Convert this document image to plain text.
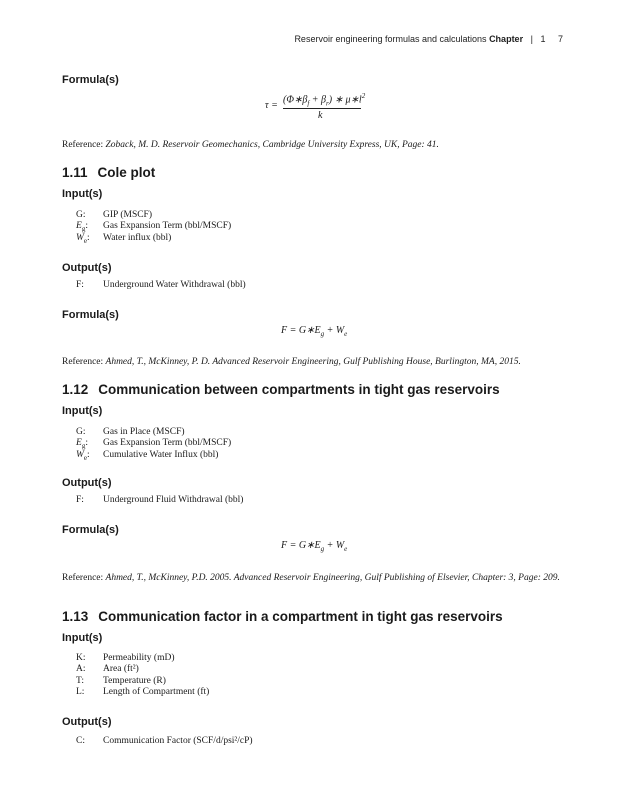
Reservoir engineering formulas and calculations Chapter | 1 7
Formula(s)
τ =
$(\Phi∗\beta_f + \beta_r)$ ∗ $\mu∗l^2$
k
Reference: Zoback, M. D. Reservoir Geomechanics, Cambridge University Express, UK, Page: 41.
1.11 Cole plot
Input(s)
G: GIP (MSCF)
$E_g$: Gas Expansion Term (bbl/MSCF)
$W_e$: Water influx (bbl)
Output(s)
F: Underground Water Withdrawal (bbl)
Formula(s)
$F = G∗E_g + W_e$
Reference: Ahmed, T., McKinney, P. D. Advanced Reservoir Engineering, Gulf Publishing House, Burlington, MA, 2015.
1.12 Communication between compartments in tight gas reservoirs
Input(s)
G: Gas in Place (MSCF)
$E_g$: Gas Expansion Term (bbl/MSCF)
$W_e$: Cumulative Water Influx (bbl)
Output(s)
F: Underground Fluid Withdrawal (bbl)
Formula(s)
$F = G∗E_g + W_e$
Reference: Ahmed, T., McKinney, P.D. 2005. Advanced Reservoir Engineering, Gulf Publishing of Elsevier, Chapter: 3, Page: 209.
1.13 Communication factor in a compartment in tight gas reservoirs
Input(s)
K: Permeability (mD)
A: Area (ft²)
T: Temperature (R)
L: Length of Compartment (ft)
Output(s)
C: Communication Factor (SCF/d/psi²/cP)
